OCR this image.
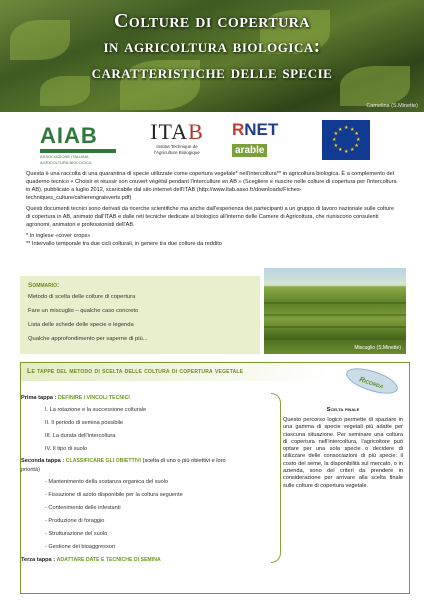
Colture di copertura
in agricoltura biologica:
caratteristiche delle specie
Camelina (S.Minette)
AIAB
ASSOCIAZIONE ITALIANA AGRICOLTURA BIOLOGICA
ITAB
Institut Technique de
l'Agriculture Biologique
RNET
arable
★ ★
★
★
★
★
★
★
★
★
★
★

Questa è una raccolta di una quarantina di specie utilizzate come copertura vegetale* nell'intercoltura** in agricoltura biologica. È a complemento del quaderno tecnico « Choisir et réussir son couvert végétal pendant l'interculture en AB » (Scegliere e riuscire nelle colture di copertura per l'intercoltura in AB), pubblicato a luglio 2012, scaricabile dal sito internet dell'ITAB (http://www.itab.asso.fr/downloads/Fiches-techniques_culture/cahierengraisverts.pdf)

Questi documenti tecnici sono derivati da ricerche scientifiche ma anche dall'esperienza dei partecipanti a un gruppo di lavoro nazionale sulle colture di copertura in AB, animato dall'ITAB e dalle reti tecniche dedicate al biologico all'interno delle Camere di Agricoltura, che riuniscono consulenti agronomi, animatori e professionisti dell'AB.

* In inglese «cover crops»
** Intervallo temporale tra due cicli colturali, in genere tra due colture da reddito
Sommario:
Metodo di scelta delle colture di copertura
Fare un miscuglio – qualche caso concreto
Lista delle schede delle specie e legenda
Qualche approfondimento per saperne di più...
Miscuglio (S.Minette)
Le tappe del metodo di scelta delle coltura di copertura vegetale
Ricorda
Prima tappa : DEFINIRE I VINCOLI TECNICI
I. La rotazione e la successione colturale
II. Il periodo di semina possibile
III. La durata dell'intercoltura
IV. Il tipo di suolo
Seconda tappa : CLASSIFICARE GLI OBIETTIVI (scelta di uno o più obiettivi e loro
priorità)
- Mantenimento della sostanza organica del suolo
- Fissazione di azoto disponibile per la coltura seguente
- Contenimento delle infestanti
- Produzione di foraggio
- Strutturazione del suolo
- Gestione dei bioaggressori
Terza tappa : ADATTARE DATE E TECNICHE DI SEMINA
Scelta finale
Questo percorso logico permette di spaziare in una gamma di specie vegetali più adatte per ciascuna situazione. Per seminare una coltura di copertura nell'intercoltura, l'agricoltore può optare per una sola specie o decidere di utilizzare delle consociazioni di più specie: il costo del seme, la disponibilità sul mercato, o in azienda, sono dei criteri da prendere in considerazione per arrivare alla scelta finale sulle colture di copertura vegetale.
